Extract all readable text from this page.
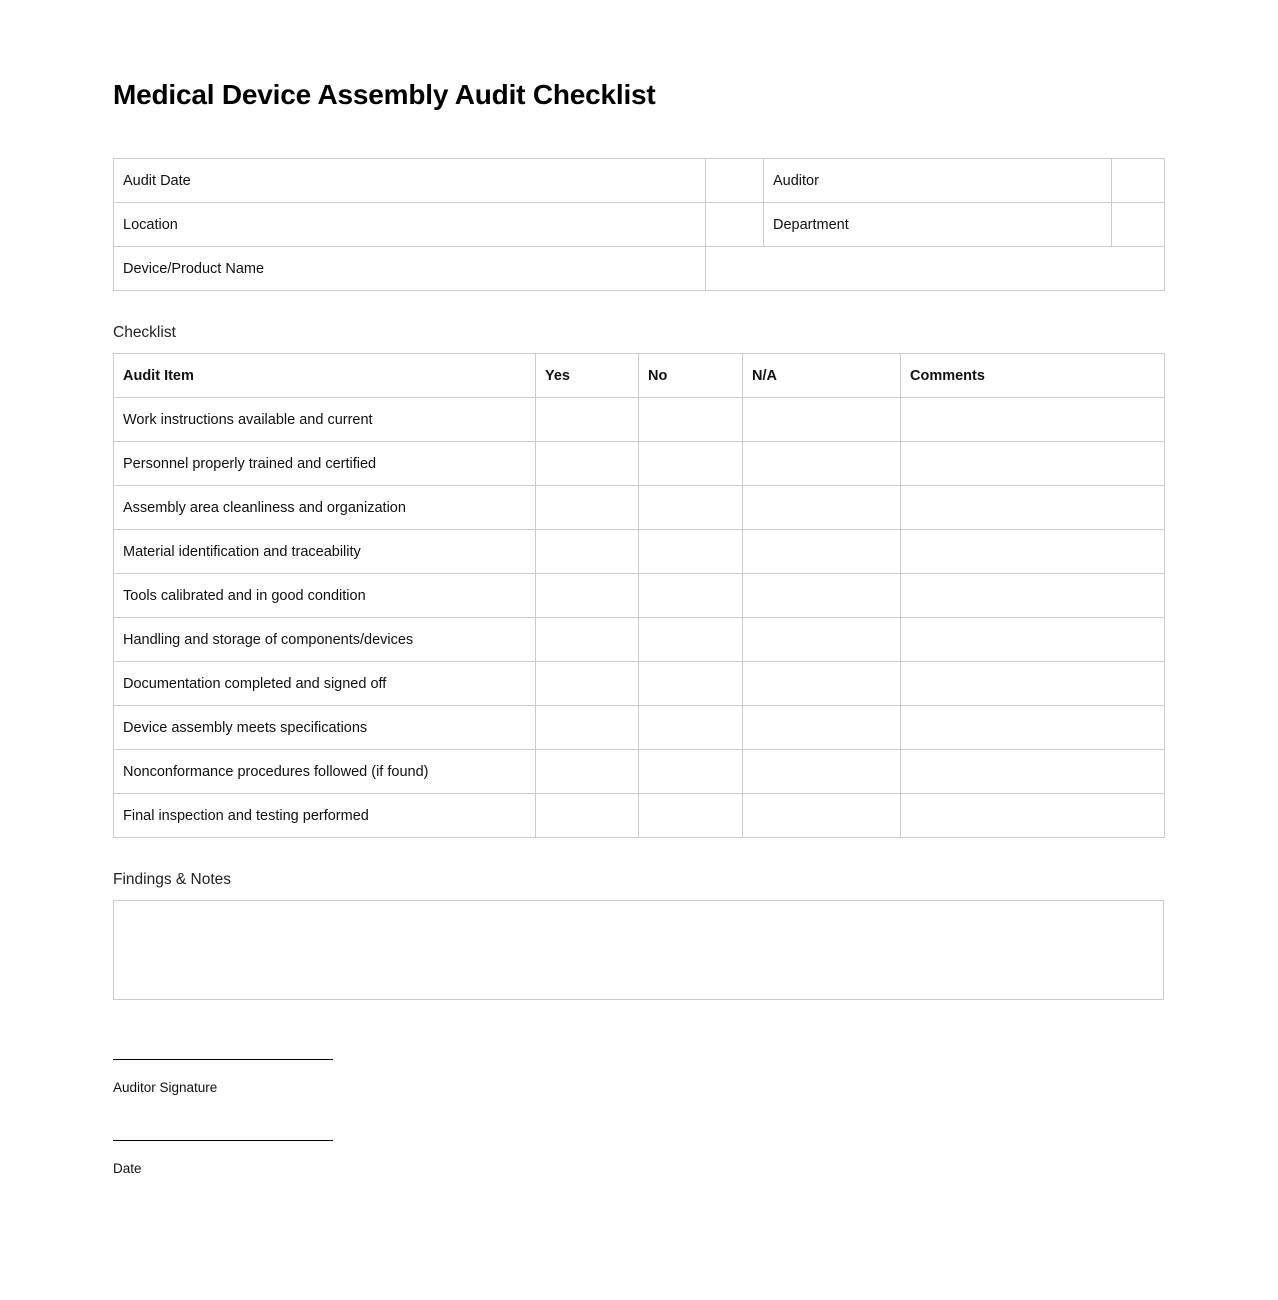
Medical Device Assembly Audit Checklist
Audit Date		Auditor	
Location		Department	
Device/Product Name			
Checklist
Audit Item	Yes	No	N/A	Comments
Work instructions available and current				
Personnel properly trained and certified				
Assembly area cleanliness and organization				
Material identification and traceability				
Tools calibrated and in good condition				
Handling and storage of components/devices				
Documentation completed and signed off				
Device assembly meets specifications				
Nonconformance procedures followed (if found)				
Final inspection and testing performed				
Findings & Notes
Auditor Signature
Date
